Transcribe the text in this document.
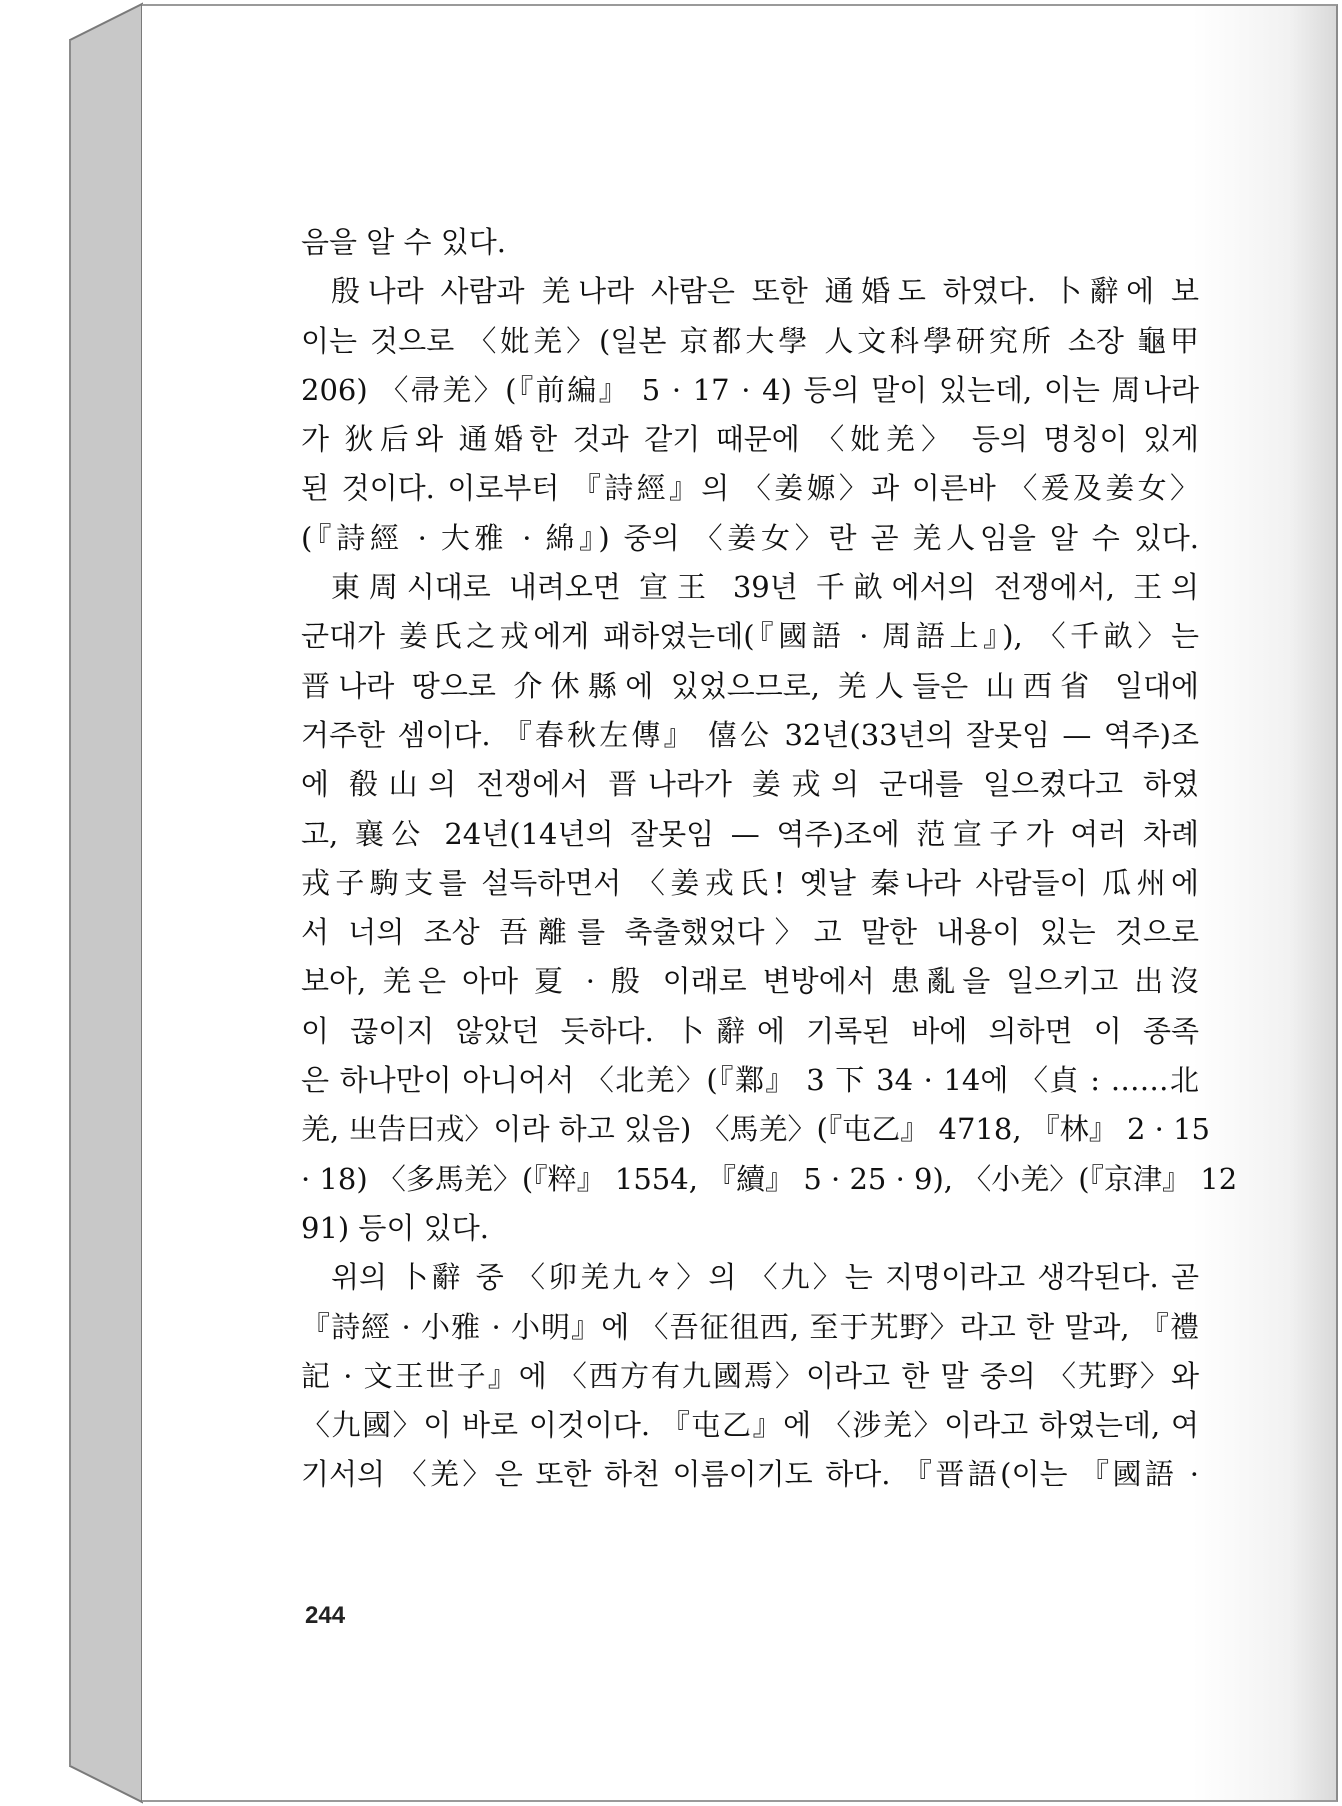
음을 알 수 있다.
殷나라 사람과 羌나라 사람은 또한 通婚도 하였다. 卜辭에 보
이는 것으로 〈妣羌〉(일본 京都大學 人文科學研究所 소장 龜甲
206) 〈帚羌〉(『前編』 5 · 17 · 4) 등의 말이 있는데, 이는 周나라
가 狄后와 通婚한 것과 같기 때문에 〈妣羌〉 등의 명칭이 있게
된 것이다. 이로부터 『詩經』의 〈姜嫄〉과 이른바 〈爰及姜女〉
(『詩經 · 大雅 · 綿』) 중의 〈姜女〉란 곧 羌人임을 알 수 있다.
東周시대로 내려오면 宣王 39년 千畝에서의 전쟁에서, 王의
군대가 姜氏之戎에게 패하였는데(『國語 · 周語上』), 〈千畝〉는
晋나라 땅으로 介休縣에 있었으므로, 羌人들은 山西省 일대에
거주한 셈이다. 『春秋左傳』 僖公 32년(33년의 잘못임 — 역주)조
에 殽山의 전쟁에서 晋나라가 姜戎의 군대를 일으켰다고 하였
고, 襄公 24년(14년의 잘못임 — 역주)조에 范宣子가 여러 차례
戎子駒支를 설득하면서 〈姜戎氏! 옛날 秦나라 사람들이 瓜州에
서 너의 조상 吾離를 축출했었다〉고 말한 내용이 있는 것으로
보아, 羌은 아마 夏 · 殷 이래로 변방에서 患亂을 일으키고 出沒
이 끊이지 않았던 듯하다. 卜辭에 기록된 바에 의하면 이 종족
은 하나만이 아니어서 〈北羌〉(『鄴』 3 下 34 · 14에 〈貞 : ……北
羌, 㞢告曰戎〉이라 하고 있음) 〈馬羌〉(『屯乙』 4718, 『林』 2 · 15
· 18) 〈多馬羌〉(『粹』 1554, 『續』 5 · 25 · 9), 〈小羌〉(『京津』 12
91) 등이 있다.
위의 卜辭 중 〈卯羌九𠚤〉의 〈九〉는 지명이라고 생각된다. 곧
『詩經 · 小雅 · 小明』에 〈吾征徂西, 至于艽野〉라고 한 말과, 『禮
記 · 文王世子』에 〈西方有九國焉〉이라고 한 말 중의 〈艽野〉와
〈九國〉이 바로 이것이다. 『屯乙』에 〈涉羌〉이라고 하였는데, 여
기서의 〈羌〉은 또한 하천 이름이기도 하다. 『晋語(이는 『國語 ·
244
